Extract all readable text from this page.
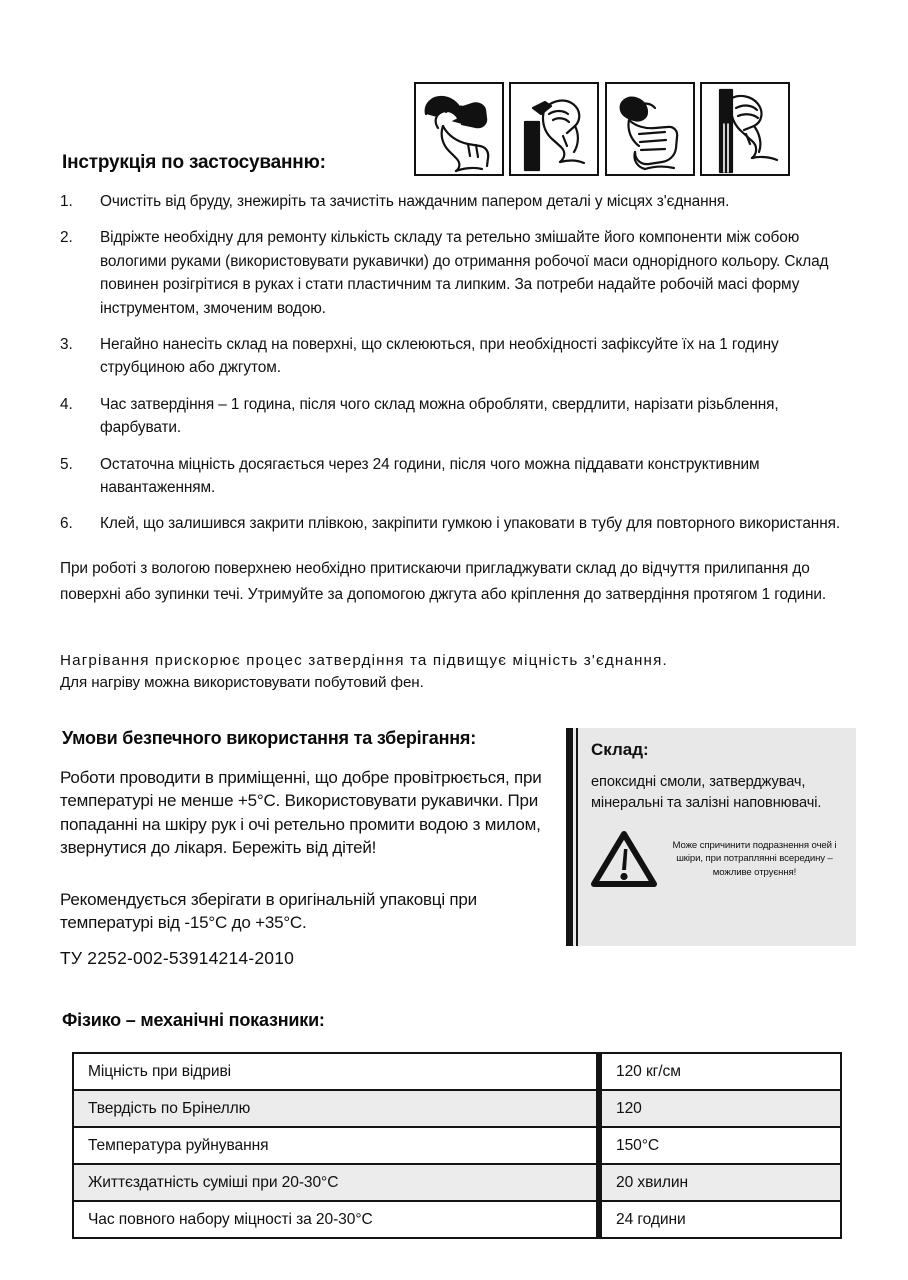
Інструкція по застосуванню:
1.	Очистіть від бруду, знежиріть та зачистіть наждачним папером деталі у місцях з'єднання.
2.	Відріжте необхідну для ремонту кількість складу та ретельно змішайте його компоненти між собою вологими руками (використовувати рукавички) до отримання робочої маси однорідного кольору. Склад повинен розігрітися в руках і стати пластичним та липким. За потреби надайте робочій масі форму інструментом, змоченим водою.
3.	Негайно нанесіть склад на поверхні, що склеюються, при необхідності зафіксуйте їх на 1 годину струбциною або джгутом.
4.	Час затвердіння – 1 година, після чого склад можна обробляти, свердлити, нарізати різьблення, фарбувати.
5.	Остаточна міцність досягається через 24 години, після чого можна піддавати конструктивним навантаженням.
6.	Клей, що залишився закрити плівкою, закріпити гумкою і упаковати в тубу для повторного використання.
При роботі з вологою поверхнею необхідно притискаючи пригладжувати склад до відчуття прилипання до поверхні або зупинки течі. Утримуйте за допомогою джгута або кріплення до затвердіння протягом 1 години.
Нагрівання прискорює процес затвердіння та підвищує міцність з'єднання.
Для нагріву можна використовувати побутовий фен.
Умови безпечного використання та зберігання:
Роботи проводити в приміщенні, що добре провітрюється, при температурі не менше +5°С. Використовувати рукавички. При попаданні на шкіру рук і очі ретельно промити водою з милом, звернутися до лікаря. Бережіть від дітей!
Рекомендується зберігати в оригінальній упаковці при температурі від -15°С до +35°С.
ТУ 2252-002-53914214-2010
Склад:
епоксидні смоли, затверджувач, мінеральні та залізні наповнювачі.
Може спричинити подразнення очей і шкіри, при потраплянні всередину – можливе отруєння!
Фізико – механічні показники:
Міцність при відриві	120 кг/см
Твердість по Брінеллю	120
Температура руйнування	150°С
Життєздатність суміші при 20-30°С	20 хвилин
Час повного набору міцності за 20-30°С	24 години
